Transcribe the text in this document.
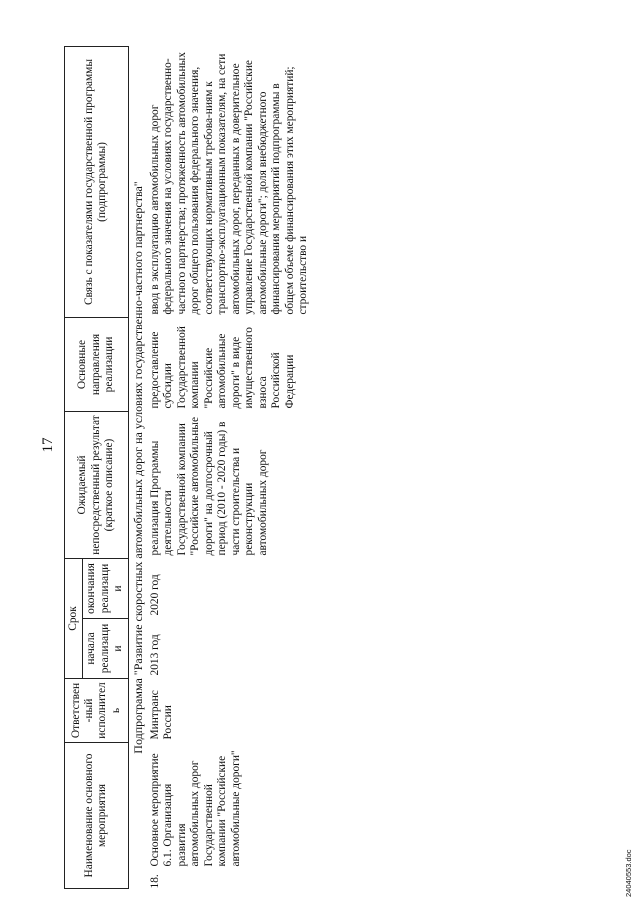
17
Наименование основного мероприятия	Ответствен-ный исполнитель	Срок		Ожидаемый непосредственный результат (краткое описание)	Основные направления реализации	Связь с показателями государственной программы (подпрограммы)
		начала реализации	окончания реализации			
Подпрограмма "Развитие скоростных автомобильных дорог на условиях государственно-частного партнерства"						
18.Основное мероприятие 6.1. Организация развития автомобильных дорог Государственной компании "Российские автомобильные дороги"	Минтранс России	2013 год	2020 год	реализация Программы деятельности Государственной компании "Российские автомобильные дороги" на долгосрочный период (2010 - 2020 годы) в части строительства и реконструкции автомобильных дорог	предоставление субсидии Государственной компании "Российские автомобильные дороги" в виде имущественного взноса Российской Федерации	ввод в эксплуатацию автомобильных дорог федерального значения на условиях государственно-частного партнерства; протяженность автомобильных дорог общего пользования федерального значения, соответствующих нормативным требова-ниям к транспортно-эксплуатационным показателям, на сети автомобильных дорог, переданных в доверительное управление Государственной компании "Российские автомобильные дороги"; доля внебюджетного финансирования мероприятий подпрограммы в общем объеме финансирования этих мероприятий; строительство и
24040553.doc
